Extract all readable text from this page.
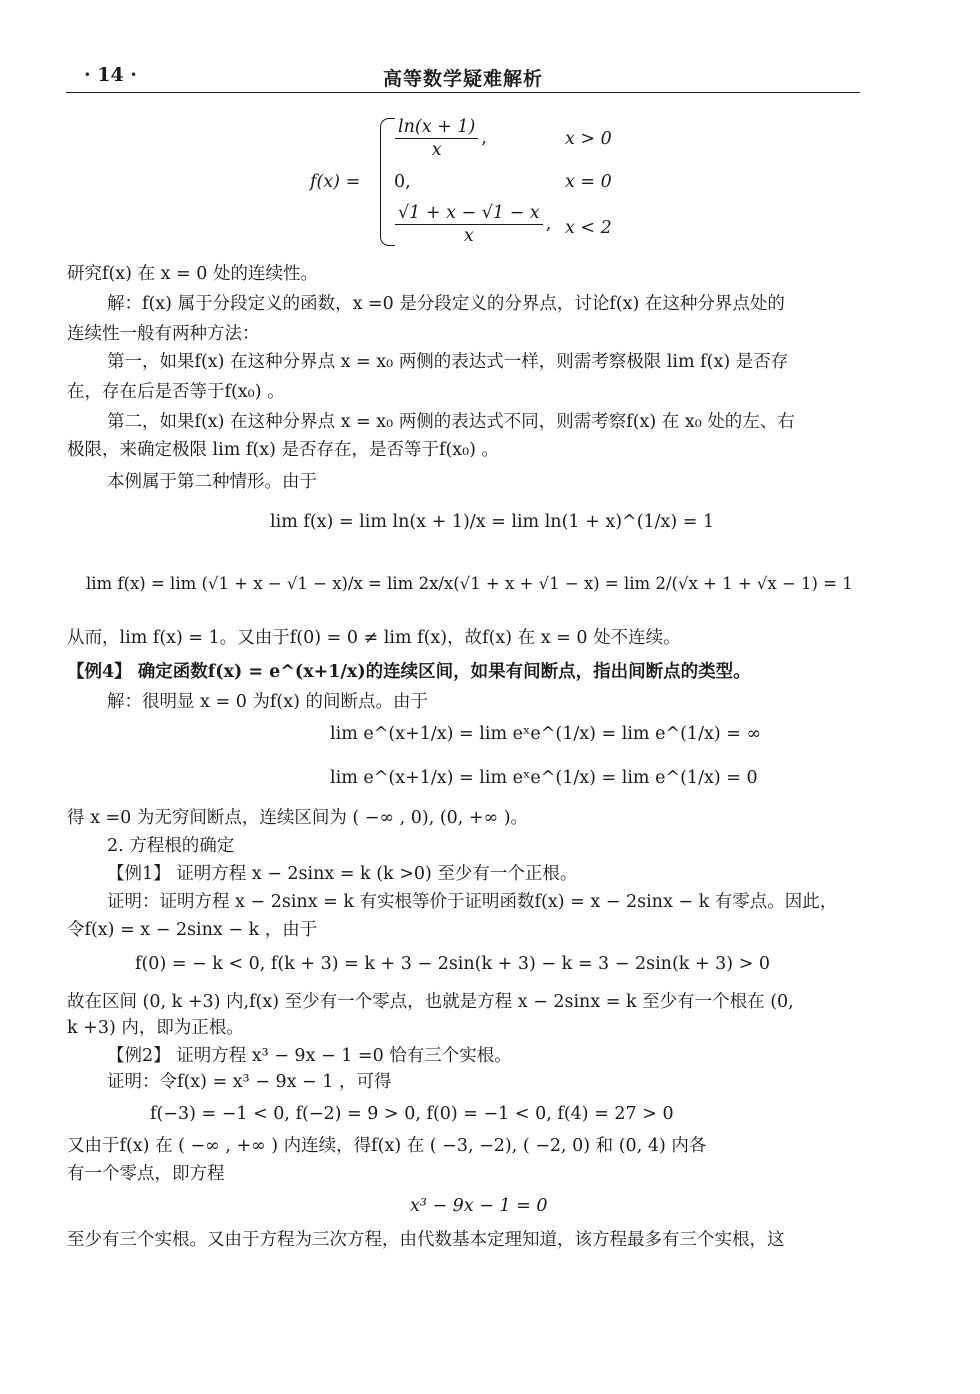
· 14 ·	高等数学疑难解析
f(x) =
$\frac{\ln(x + 1)}{x}$ ,	x > 0
0,	x = 0
$\frac{√1 + x - √1 - x}{x}$ , x < 2
研究f(x) 在 x = 0 处的连续性。
解：f(x) 属于分段定义的函数，x =0 是分段定义的分界点，讨论f(x) 在这种分界点处的
连续性一般有两种方法：
第一，如果f(x) 在这种分界点 x = x₀ 两侧的表达式一样，则需考察极限 lim f(x) 是否存
在，存在后是否等于f(x₀) 。
第二，如果f(x) 在这种分界点 x = x₀ 两侧的表达式不同，则需考察f(x) 在 x₀ 处的左、右
极限，来确定极限 lim f(x) 是否存在，是否等于f(x₀) 。
本例属于第二种情形。由于
lim f(x) = lim ln(x + 1)/x = lim ln(1 + x)^(1/x) = 1
lim f(x) = lim (√1 + x − √1 − x)/x = lim 2x/x(√1 + x + √1 − x) = lim 2/(√x + 1 + √x − 1) = 1
从而，lim f(x) = 1。又由于f(0) = 0 ≠ lim f(x)，故f(x) 在 x = 0 处不连续。
【例4】 确定函数f(x) = e^(x+1/x)的连续区间，如果有间断点，指出间断点的类型。
解：很明显 x = 0 为f(x) 的间断点。由于
lim e^(x+1/x) = lim eˣe^(1/x) = lim e^(1/x) = ∞
lim e^(x+1/x) = lim eˣe^(1/x) = lim e^(1/x) = 0
得 x =0 为无穷间断点，连续区间为 ( −∞ , 0), (0, +∞ )。
2. 方程根的确定
【例1】 证明方程 x − 2sinx = k (k >0) 至少有一个正根。
证明：证明方程 x − 2sinx = k 有实根等价于证明函数f(x) = x − 2sinx − k 有零点。因此，
令f(x) = x − 2sinx − k ，由于
f(0) = − k < 0, f(k + 3) = k + 3 − 2sin(k + 3) − k = 3 − 2sin(k + 3) > 0
故在区间 (0, k +3) 内,f(x) 至少有一个零点，也就是方程 x − 2sinx = k 至少有一个根在 (0,
k +3) 内，即为正根。
【例2】 证明方程 x³ − 9x − 1 =0 恰有三个实根。
证明：令f(x) = x³ − 9x − 1 ，可得
f(−3) = −1 < 0, f(−2) = 9 > 0, f(0) = −1 < 0, f(4) = 27 > 0
又由于f(x) 在 ( −∞ , +∞ ) 内连续，得f(x) 在 ( −3, −2), ( −2, 0) 和 (0, 4) 内各
有一个零点，即方程
x³ − 9x − 1 = 0
至少有三个实根。又由于方程为三次方程，由代数基本定理知道，该方程最多有三个实根，这
